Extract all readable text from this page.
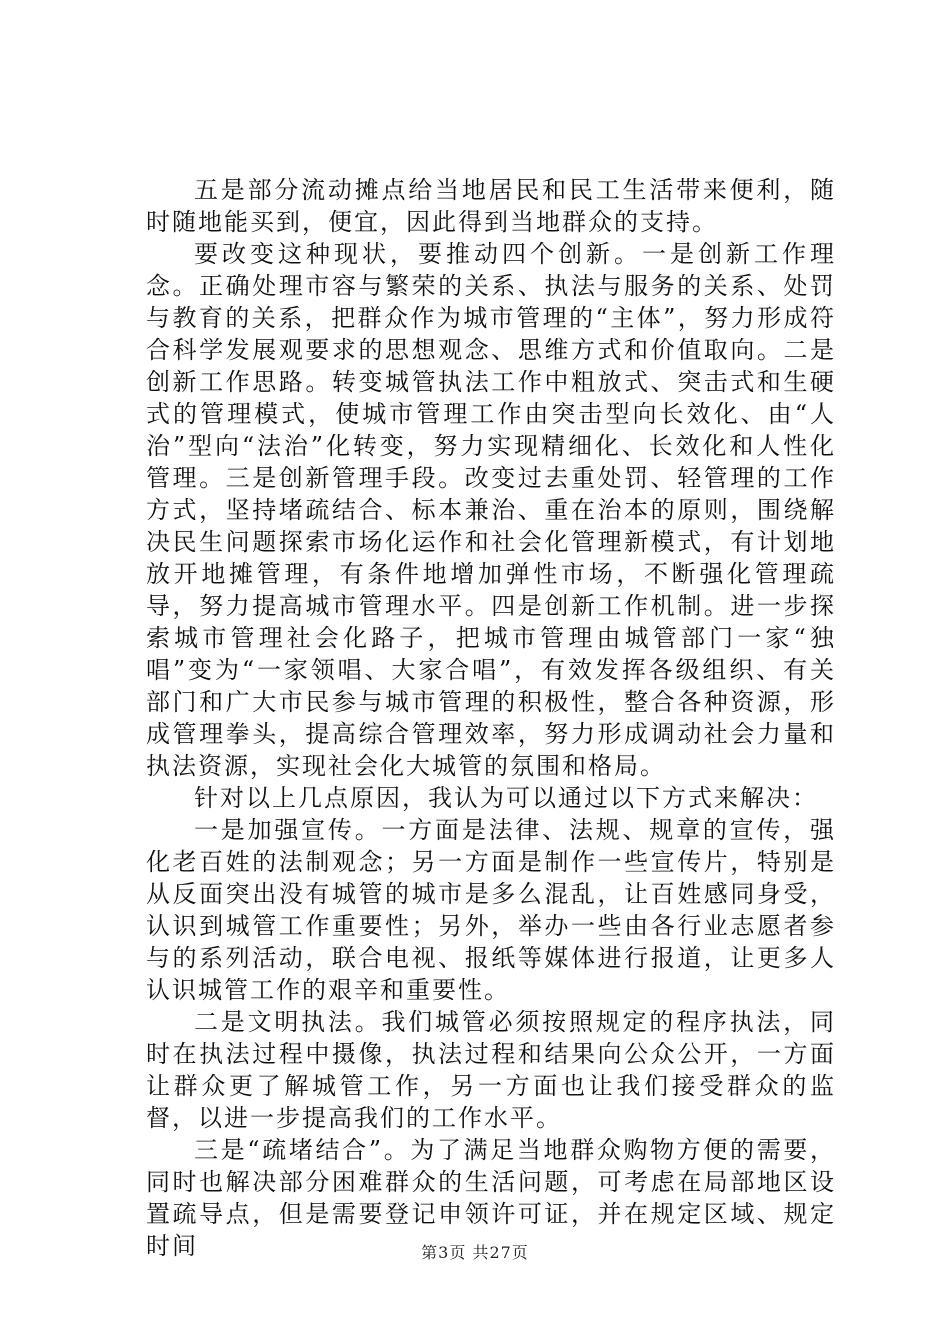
五是部分流动摊点给当地居民和民工生活带来便利，随时随地能买到，便宜，因此得到当地群众的支持。

要改变这种现状，要推动四个创新。一是创新工作理念。正确处理市容与繁荣的关系、执法与服务的关系、处罚与教育的关系，把群众作为城市管理的“主体”，努力形成符合科学发展观要求的思想观念、思维方式和价值取向。二是创新工作思路。转变城管执法工作中粗放式、突击式和生硬式的管理模式，使城市管理工作由突击型向长效化、由“人治”型向“法治”化转变，努力实现精细化、长效化和人性化管理。三是创新管理手段。改变过去重处罚、轻管理的工作方式，坚持堵疏结合、标本兼治、重在治本的原则，围绕解决民生问题探索市场化运作和社会化管理新模式，有计划地放开地摊管理，有条件地增加弹性市场，不断强化管理疏导，努力提高城市管理水平。四是创新工作机制。进一步探索城市管理社会化路子，把城市管理由城管部门一家“独唱”变为“一家领唱、大家合唱”，有效发挥各级组织、有关部门和广大市民参与城市管理的积极性，整合各种资源，形成管理拳头，提高综合管理效率，努力形成调动社会力量和执法资源，实现社会化大城管的氛围和格局。

针对以上几点原因，我认为可以通过以下方式来解决：

一是加强宣传。一方面是法律、法规、规章的宣传，强化老百姓的法制观念；另一方面是制作一些宣传片，特别是从反面突出没有城管的城市是多么混乱，让百姓感同身受，认识到城管工作重要性；另外，举办一些由各行业志愿者参与的系列活动，联合电视、报纸等媒体进行报道，让更多人认识城管工作的艰辛和重要性。

二是文明执法。我们城管必须按照规定的程序执法，同时在执法过程中摄像，执法过程和结果向公众公开，一方面让群众更了解城管工作，另一方面也让我们接受群众的监督，以进一步提高我们的工作水平。

三是“疏堵结合”。为了满足当地群众购物方便的需要，同时也解决部分困难群众的生活问题，可考虑在局部地区设置疏导点，但是需要登记申领许可证，并在规定区域、规定时间	第3页 共27页
